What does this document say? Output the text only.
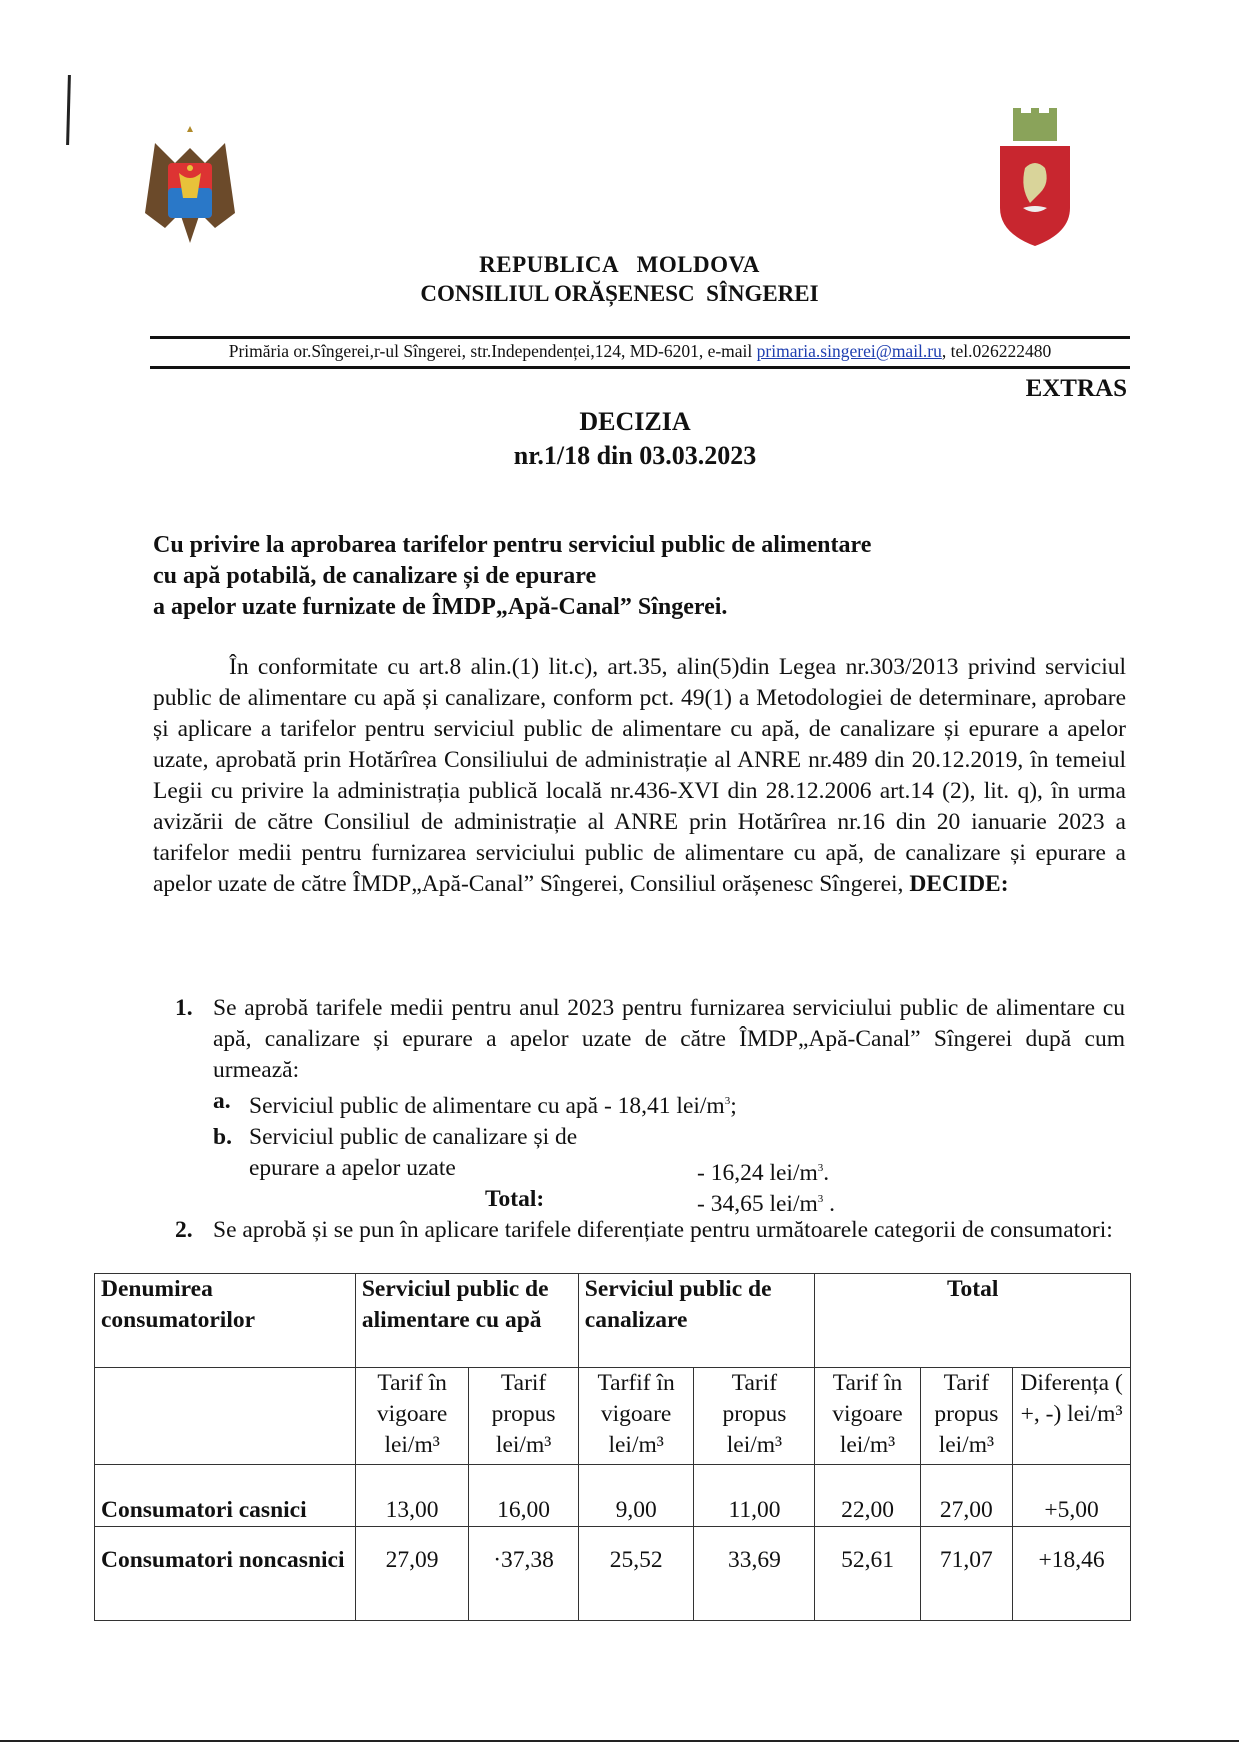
REPUBLICA   MOLDOVA
CONSILIUL ORĂȘENESC  SÎNGEREI
Primăria or.Sîngerei,r-ul Sîngerei, str.Independenței,124, MD-6201, e-mail primaria.singerei@mail.ru, tel.026222480
EXTRAS
DECIZIA
nr.1/18 din 03.03.2023
Cu privire la aprobarea tarifelor pentru serviciul public de alimentare
cu apă potabilă, de canalizare și de epurare
a apelor uzate furnizate de ÎMDP„Apă-Canal” Sîngerei.
În conformitate cu art.8 alin.(1) lit.c), art.35, alin(5)din Legea nr.303/2013 privind serviciul public de alimentare cu apă și canalizare, conform pct. 49(1) a Metodologiei de determinare, aprobare și aplicare a tarifelor pentru serviciul public de alimentare cu apă, de canalizare și epurare a apelor uzate, aprobată prin Hotărîrea Consiliului de administrație al ANRE nr.489 din 20.12.2019, în temeiul Legii cu privire la administrația publică locală nr.436-XVI din 28.12.2006 art.14 (2), lit. q), în urma avizării de către Consiliul de administrație al ANRE prin Hotărîrea nr.16 din 20 ianuarie 2023 a tarifelor medii pentru furnizarea serviciului public de alimentare cu apă, de canalizare și epurare a apelor uzate de către ÎMDP„Apă-Canal” Sîngerei, Consiliul orășenesc Sîngerei, DECIDE:
1. Se aprobă tarifele medii pentru anul 2023 pentru furnizarea serviciului public de alimentare cu apă, canalizare și epurare a apelor uzate de către ÎMDP„Apă-Canal” Sîngerei după cum urmează:
a. Serviciul public de alimentare cu apă - 18,41 lei/$m^3$;
b. Serviciul public de canalizare și de
epurare a apelor uzate	- 16,24 lei/$m^3$.
Total:	- 34,65 lei/$m^3$ .
2. Se aprobă și se pun în aplicare tarifele diferențiate pentru următoarele categorii de consumatori:
Denumirea consumatorilor	Serviciul public de alimentare cu apă		Serviciul public de canalizare		Total		
	Tarif în vigoare lei/m³	Tarif propus lei/m³	Tarfif în vigoare lei/m³	Tarif propus lei/m³	Tarif în vigoare lei/m³	Tarif propus lei/m³	Diferența ( +, -) lei/m³
Consumatori casnici	13,00	16,00	9,00	11,00	22,00	27,00	+5,00
Consumatori noncasnici	27,09	·37,38	25,52	33,69	52,61	71,07	+18,46
